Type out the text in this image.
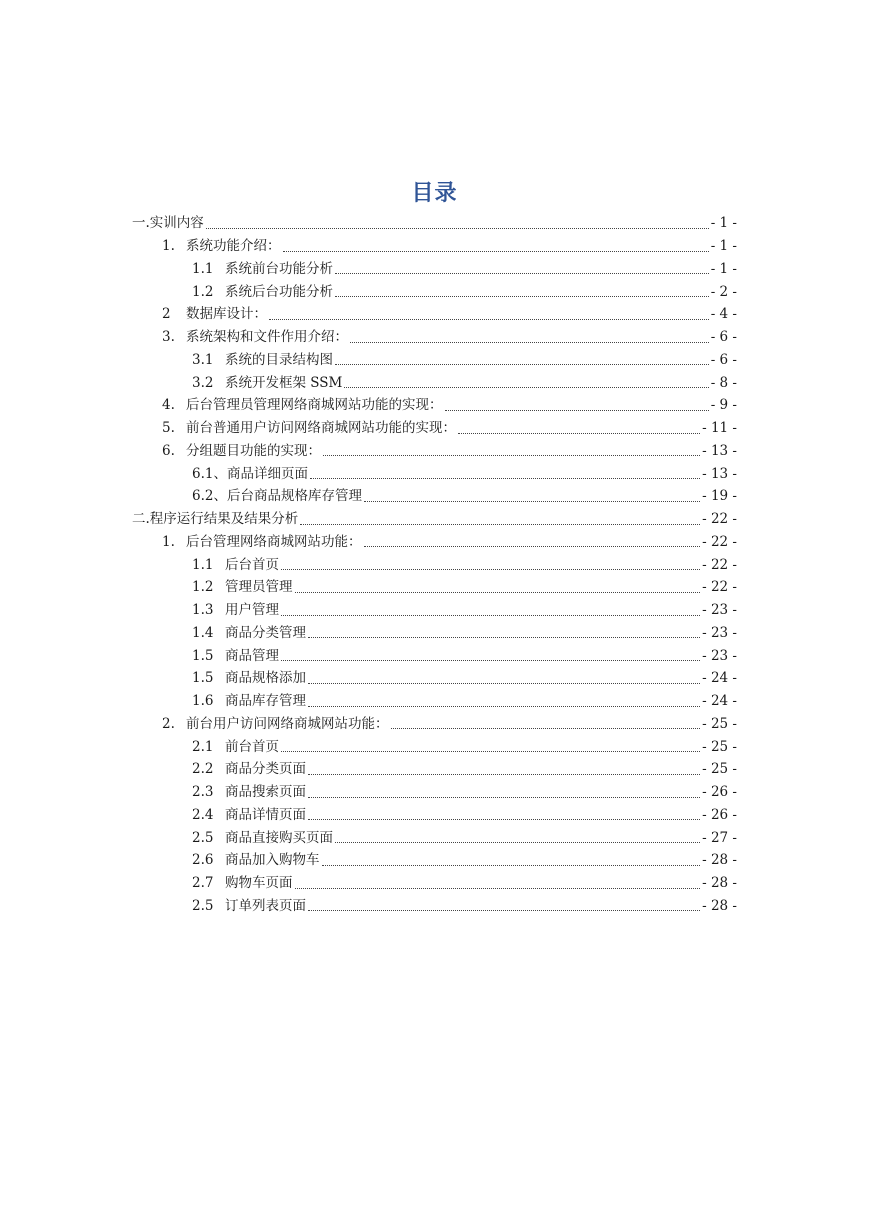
目录
一. 实训内容	- 1 -
1. 系统功能介绍：	- 1 -
1.1 系统前台功能分析	- 1 -
1.2 系统后台功能分析	- 2 -
2	数据库设计：	- 4 -
3. 系统架构和文件作用介绍：	- 6 -
3.1 系统的目录结构图	- 6 -
3.2 系统开发框架 SSM	- 8 -
4. 后台管理员管理网络商城网站功能的实现：	- 9 -
5. 前台普通用户访问网络商城网站功能的实现：	- 11 -
6. 分组题目功能的实现：	- 13 -
6.1、商品详细页面	- 13 -
6.2、后台商品规格库存管理	- 19 -
二. 程序运行结果及结果分析	- 22 -
1. 后台管理网络商城网站功能：	- 22 -
1.1 后台首页	- 22 -
1.2 管理员管理	- 22 -
1.3 用户管理	- 23 -
1.4 商品分类管理	- 23 -
1.5 商品管理	- 23 -
1.5 商品规格添加	- 24 -
1.6 商品库存管理	- 24 -
2. 前台用户访问网络商城网站功能：	- 25 -
2.1 前台首页	- 25 -
2.2 商品分类页面	- 25 -
2.3 商品搜索页面	- 26 -
2.4 商品详情页面	- 26 -
2.5 商品直接购买页面	- 27 -
2.6 商品加入购物车	- 28 -
2.7 购物车页面	- 28 -
2.5 订单列表页面	- 28 -
